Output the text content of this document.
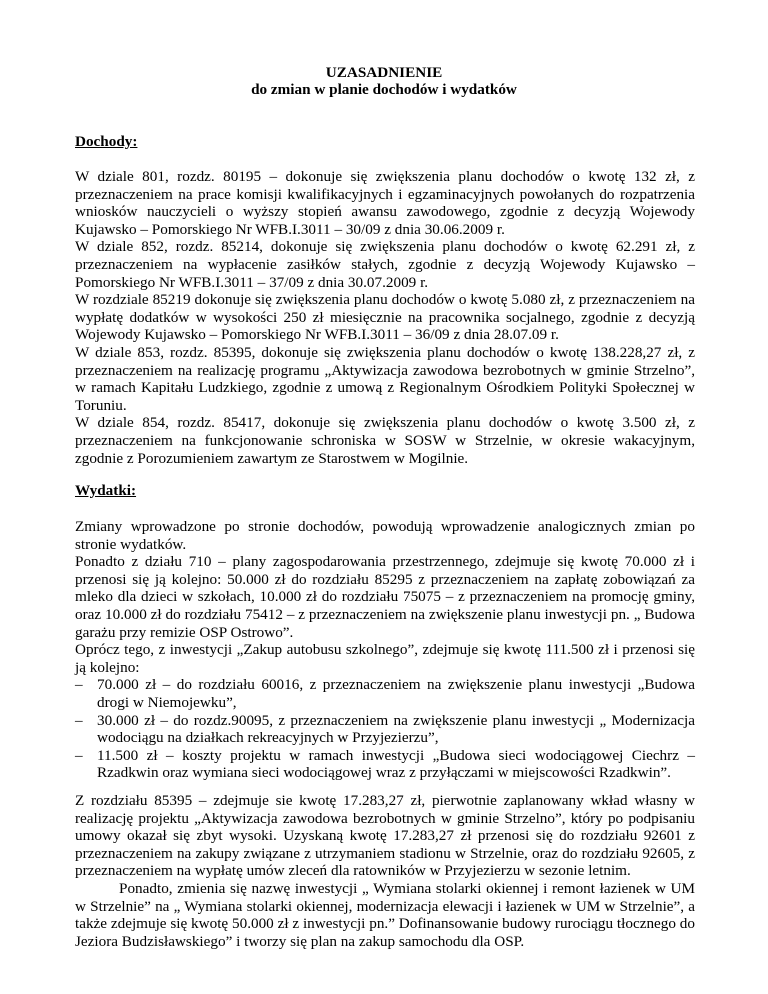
UZASADNIENIE
do zmian w planie dochodów i wydatków
Dochody:

W dziale 801, rozdz. 80195 – dokonuje się zwiększenia planu dochodów o kwotę 132 zł, z przeznaczeniem na prace komisji kwalifikacyjnych i egzaminacyjnych powołanych do rozpatrzenia wniosków nauczycieli o wyższy stopień awansu zawodowego, zgodnie z decyzją Wojewody Kujawsko – Pomorskiego Nr WFB.I.3011 – 30/09 z dnia 30.06.2009 r.

W dziale 852, rozdz. 85214, dokonuje się zwiększenia planu dochodów o kwotę 62.291 zł, z przeznaczeniem na wypłacenie zasiłków stałych, zgodnie z decyzją Wojewody Kujawsko – Pomorskiego Nr WFB.I.3011 – 37/09 z dnia 30.07.2009 r.

W rozdziale 85219 dokonuje się zwiększenia planu dochodów o kwotę 5.080 zł, z przeznaczeniem na wypłatę dodatków w wysokości 250 zł miesięcznie na pracownika socjalnego, zgodnie z decyzją Wojewody Kujawsko – Pomorskiego Nr WFB.I.3011 – 36/09 z dnia 28.07.09 r.

W dziale 853, rozdz. 85395, dokonuje się zwiększenia planu dochodów o kwotę 138.228,27 zł, z przeznaczeniem na realizację programu „Aktywizacja zawodowa bezrobotnych w gminie Strzelno”, w ramach Kapitału Ludzkiego, zgodnie z umową z Regionalnym Ośrodkiem Polityki Społecznej w Toruniu.

W dziale 854, rozdz. 85417, dokonuje się zwiększenia planu dochodów o kwotę 3.500 zł, z przeznaczeniem na funkcjonowanie schroniska w SOSW w Strzelnie, w okresie wakacyjnym, zgodnie z Porozumieniem zawartym ze Starostwem w Mogilnie.

Wydatki:

Zmiany wprowadzone po stronie dochodów, powodują wprowadzenie analogicznych zmian po stronie wydatków.

Ponadto z działu 710 – plany zagospodarowania przestrzennego, zdejmuje się kwotę 70.000 zł i przenosi się ją kolejno: 50.000 zł do rozdziału 85295 z przeznaczeniem na zapłatę zobowiązań za mleko dla dzieci w szkołach, 10.000 zł do rozdziału 75075 – z przeznaczeniem na promocję gminy, oraz 10.000 zł do rozdziału 75412 – z przeznaczeniem na zwiększenie planu inwestycji pn. „ Budowa garażu przy remizie OSP Ostrowo”.

Oprócz tego, z inwestycji „Zakup autobusu szkolnego”, zdejmuje się kwotę 111.500 zł i przenosi się ją kolejno:

– 70.000 zł – do rozdziału 60016, z przeznaczeniem na zwiększenie planu inwestycji „Budowa drogi w Niemojewku”,
– 30.000 zł – do rozdz.90095, z przeznaczeniem na zwiększenie planu inwestycji „ Modernizacja wodociągu na działkach rekreacyjnych w Przyjezierzu”,
– 11.500 zł – koszty projektu w ramach inwestycji „Budowa sieci wodociągowej Ciechrz – Rzadkwin oraz wymiana sieci wodociągowej wraz z przyłączami w miejscowości Rzadkwin”.

Z rozdziału 85395 – zdejmuje sie kwotę 17.283,27 zł, pierwotnie zaplanowany wkład własny w realizację projektu „Aktywizacja zawodowa bezrobotnych w gminie Strzelno”, który po podpisaniu umowy okazał się zbyt wysoki. Uzyskaną kwotę 17.283,27 zł przenosi się do rozdziału 92601 z przeznaczeniem na zakupy związane z utrzymaniem stadionu w Strzelnie, oraz do rozdziału 92605, z przeznaczeniem na wypłatę umów zleceń dla ratowników w Przyjezierzu w sezonie letnim.

Ponadto, zmienia się nazwę inwestycji „ Wymiana stolarki okiennej i remont łazienek w UM w Strzelnie” na „ Wymiana stolarki okiennej, modernizacja elewacji i łazienek w UM w Strzelnie”, a także zdejmuje się kwotę 50.000 zł z inwestycji pn.” Dofinansowanie budowy rurociągu tłocznego do Jeziora Budzisławskiego” i tworzy się plan na zakup samochodu dla OSP.
